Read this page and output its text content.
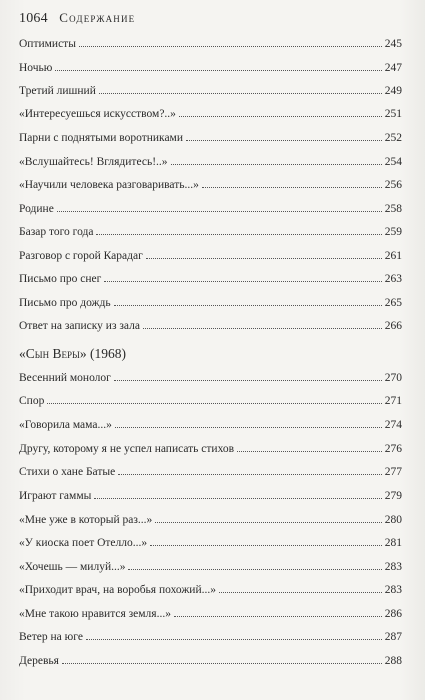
1064 Содержание
Оптимисты	245
Ночью	247
Третий лишний	249
«Интересуешься искусством?..»	251
Парни с поднятыми воротниками	252
«Вслушайтесь! Вглядитесь!..»	254
«Научили человека разговаривать...»	256
Родине	258
Базар того года	259
Разговор с горой Карадаг	261
Письмо про снег	263
Письмо про дождь	265
Ответ на записку из зала	266
«Сын Веры» (1968)
Весенний монолог	270
Спор	271
«Говорила мама...»	274
Другу, которому я не успел написать стихов	276
Стихи о хане Батые	277
Играют гаммы	279
«Мне уже в который раз...»	280
«У киоска поет Отелло...»	281
«Хочешь — милуй...»	283
«Приходит врач, на воробья похожий...»	283
«Мне такою нравится земля...»	286
Ветер на юге	287
Деревья	288
